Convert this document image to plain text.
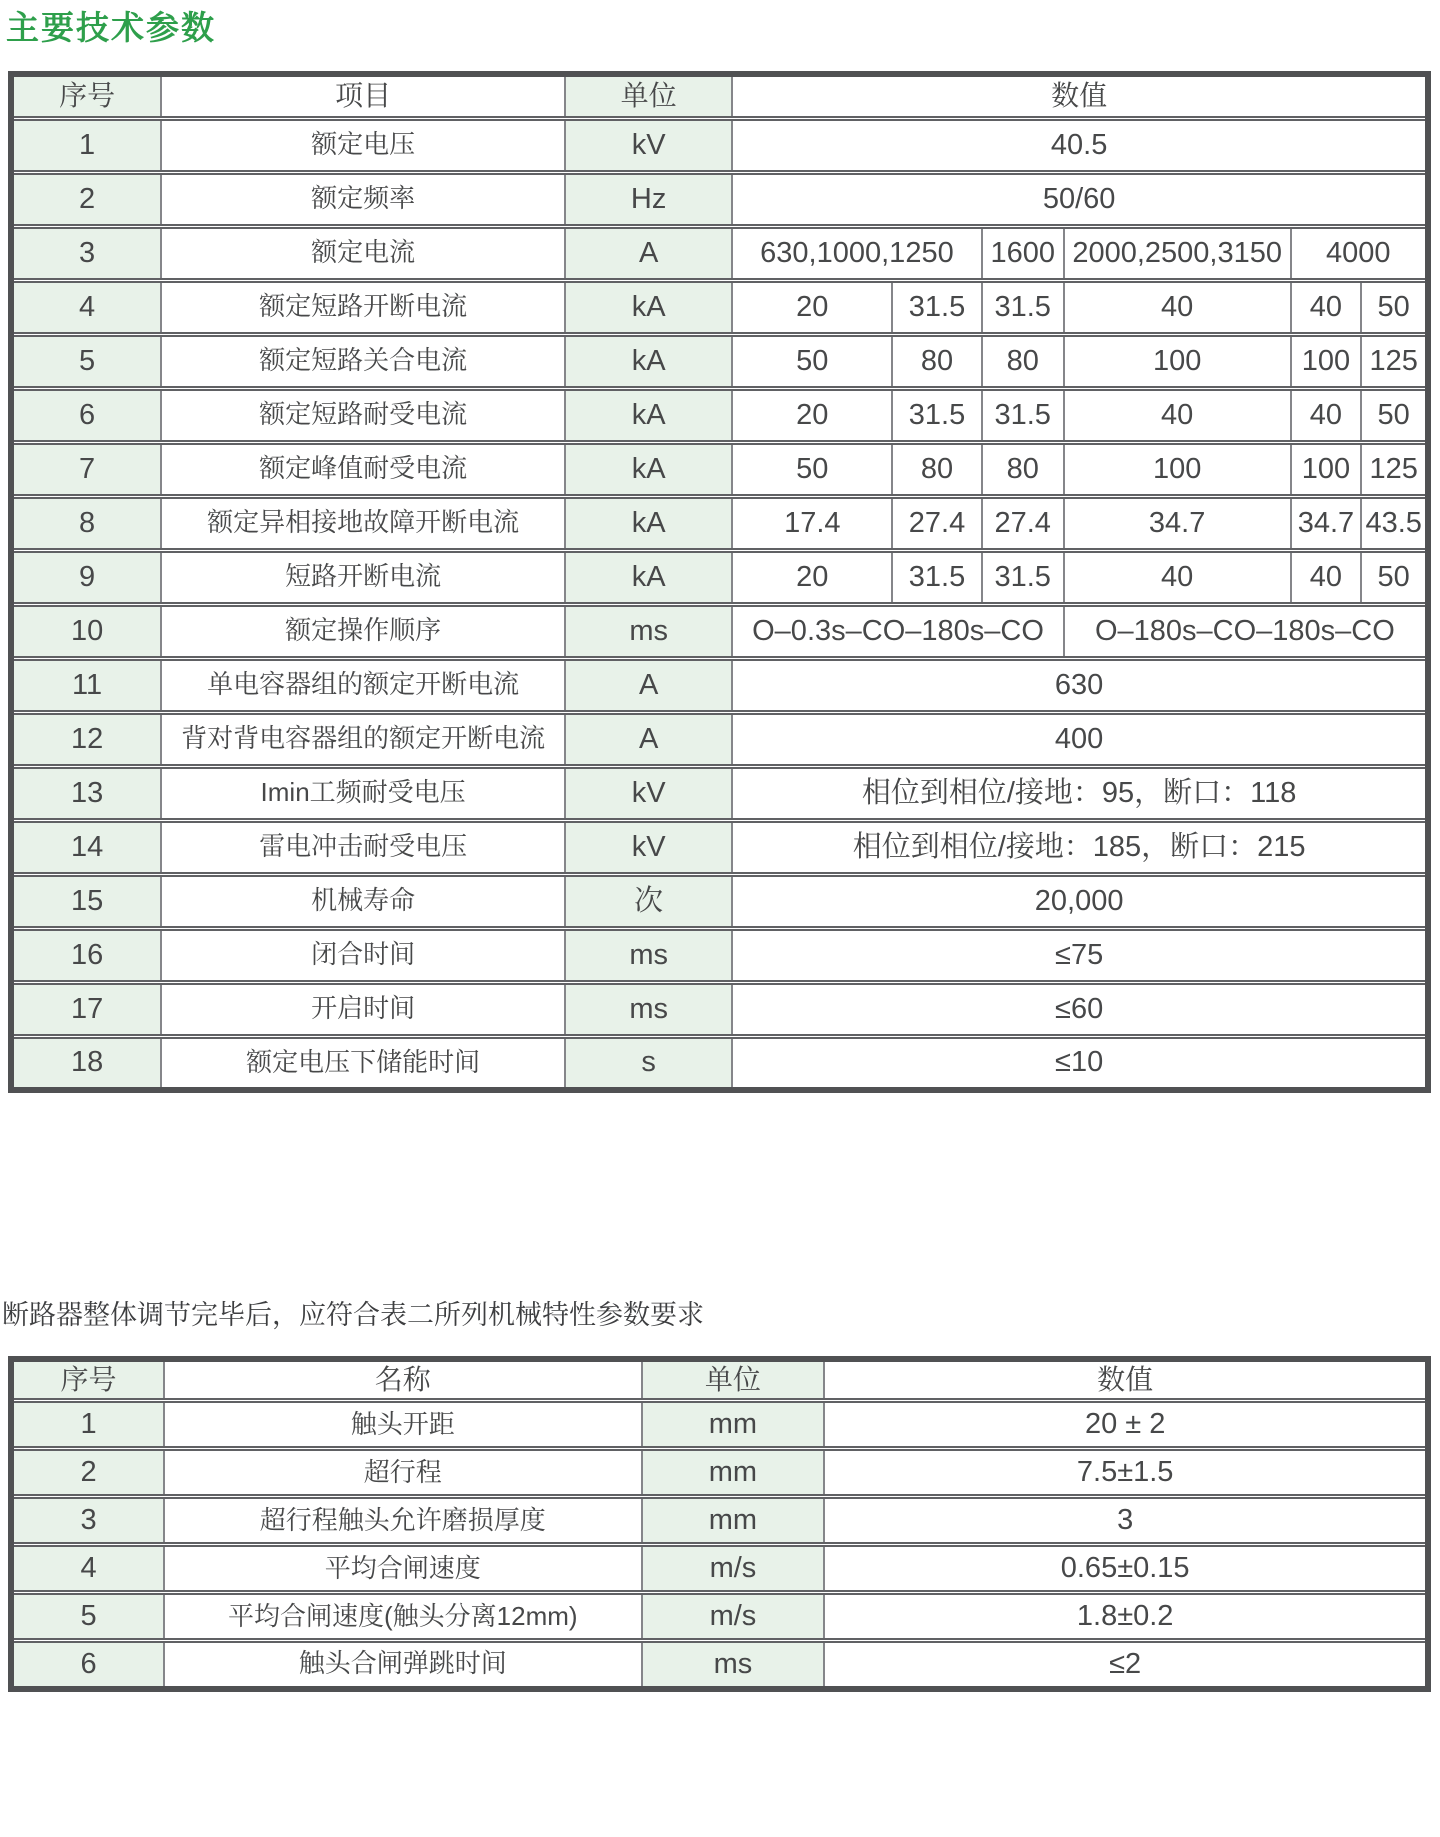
主要技术参数
序号	项目	单位	数值					
1	额定电压	kV	40.5					
2	额定频率	Hz	50/60					
3	额定电流	A	630,1000,1250		1600	2000,2500,3150	4000	
4	额定短路开断电流	kA	20	31.5	31.5	40	40	50
5	额定短路关合电流	kA	50	80	80	100	100	125
6	额定短路耐受电流	kA	20	31.5	31.5	40	40	50
7	额定峰值耐受电流	kA	50	80	80	100	100	125
8	额定异相接地故障开断电流	kA	17.4	27.4	27.4	34.7	34.7	43.5
9	短路开断电流	kA	20	31.5	31.5	40	40	50
10	额定操作顺序	ms	O–0.3s–CO–180s–CO			O–180s–CO–180s–CO		
11	单电容器组的额定开断电流	A	630					
12	背对背电容器组的额定开断电流	A	400					
13	Imin工频耐受电压	kV	相位到相位/接地：95，断口：118					
14	雷电冲击耐受电压	kV	相位到相位/接地：185，断口：215					
15	机械寿命	次	20,000					
16	闭合时间	ms	≤75					
17	开启时间	ms	≤60					
18	额定电压下储能时间	s	≤10					

断路器整体调节完毕后，应符合表二所列机械特性参数要求

序号	名称	单位	数值
1	触头开距	mm	20 ± 2
2	超行程	mm	7.5±1.5
3	超行程触头允许磨损厚度	mm	3
4	平均合闸速度	m/s	0.65±0.15
5	平均合闸速度(触头分离12mm)	m/s	1.8±0.2
6	触头合闸弹跳时间	ms	≤2
